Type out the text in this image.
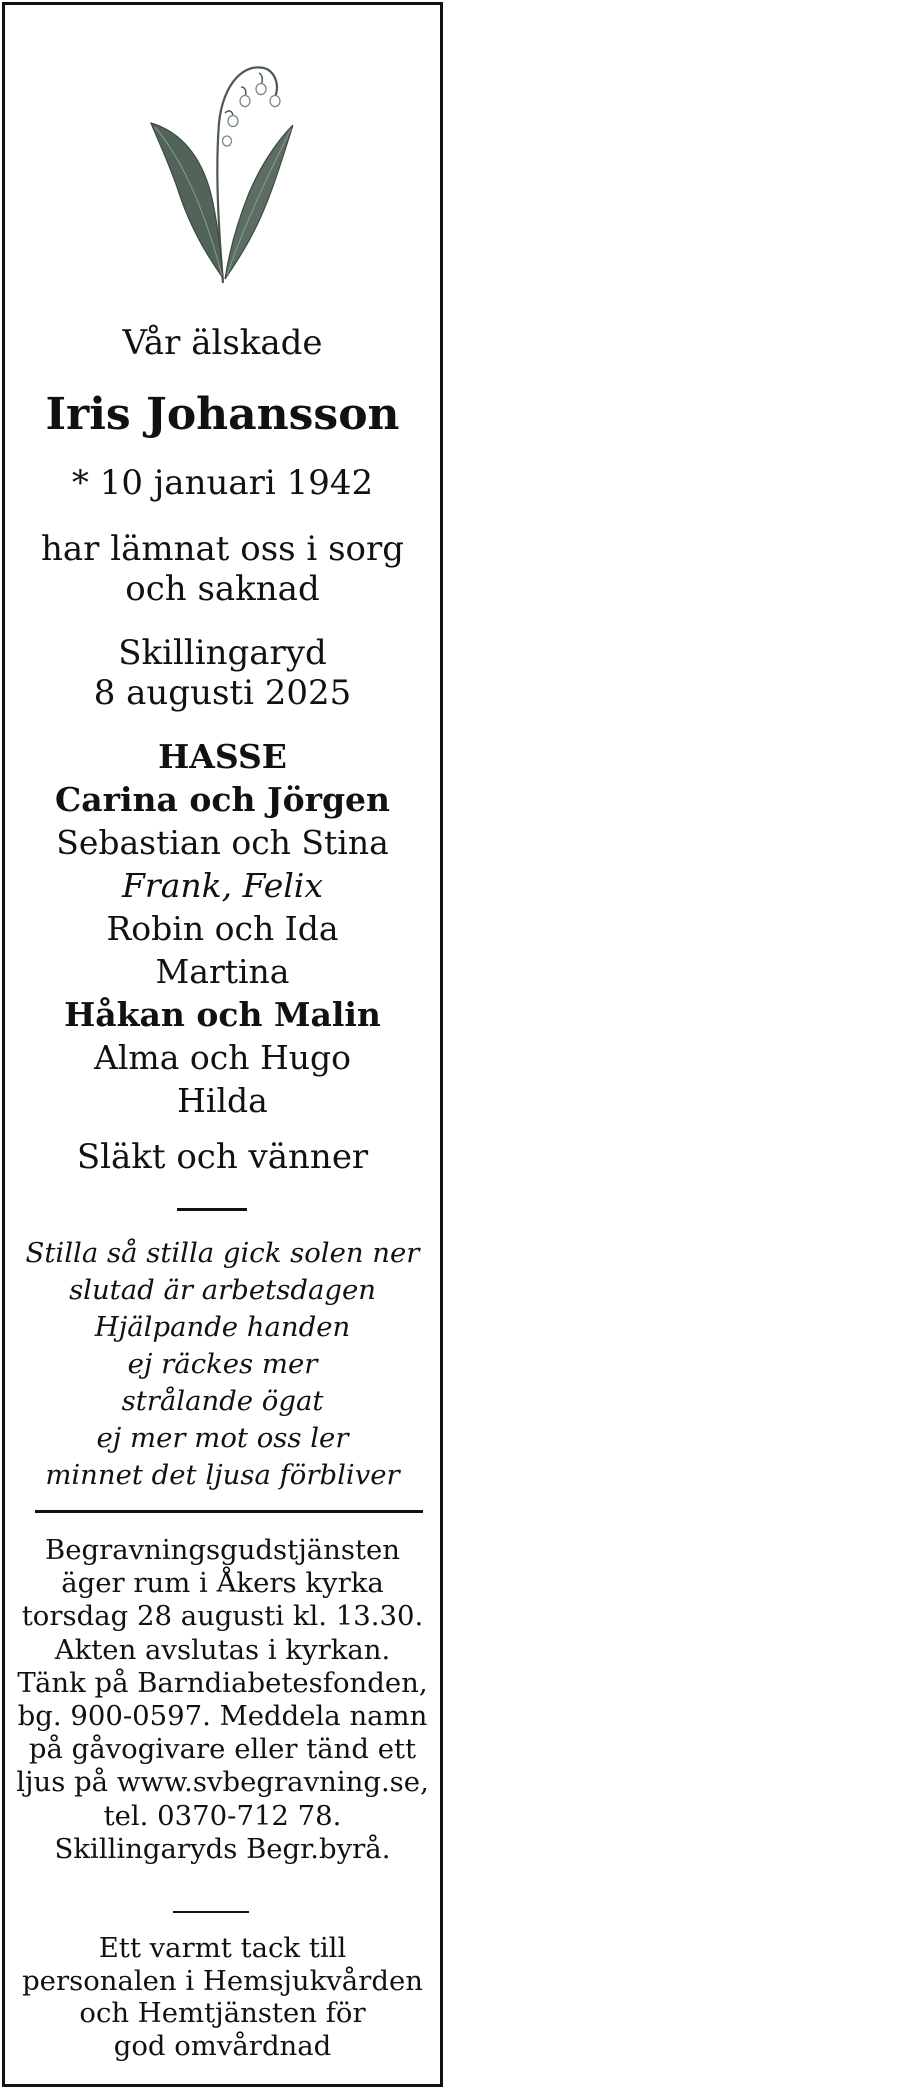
Vår älskade
Iris Johansson
* 10 januari 1942
har lämnat oss i sorg
och saknad
Skillingaryd
8 augusti 2025
HASSE
Carina och Jörgen
Sebastian och Stina
Frank, Felix
Robin och Ida
Martina
Håkan och Malin
Alma och Hugo
Hilda
Släkt och vänner
Stilla så stilla gick solen ner
slutad är arbetsdagen
Hjälpande handen
ej räckes mer
strålande ögat
ej mer mot oss ler
minnet det ljusa förbliver
Begravningsgudstjänsten
äger rum i Åkers kyrka
torsdag 28 augusti kl. 13.30.
Akten avslutas i kyrkan.
Tänk på Barndiabetesfonden,
bg. 900-0597. Meddela namn
på gåvogivare eller tänd ett
ljus på www.svbegravning.se,
tel. 0370-712 78.
Skillingaryds Begr.byrå.
Ett varmt tack till
personalen i Hemsjukvården
och Hemtjänsten för
god omvårdnad
